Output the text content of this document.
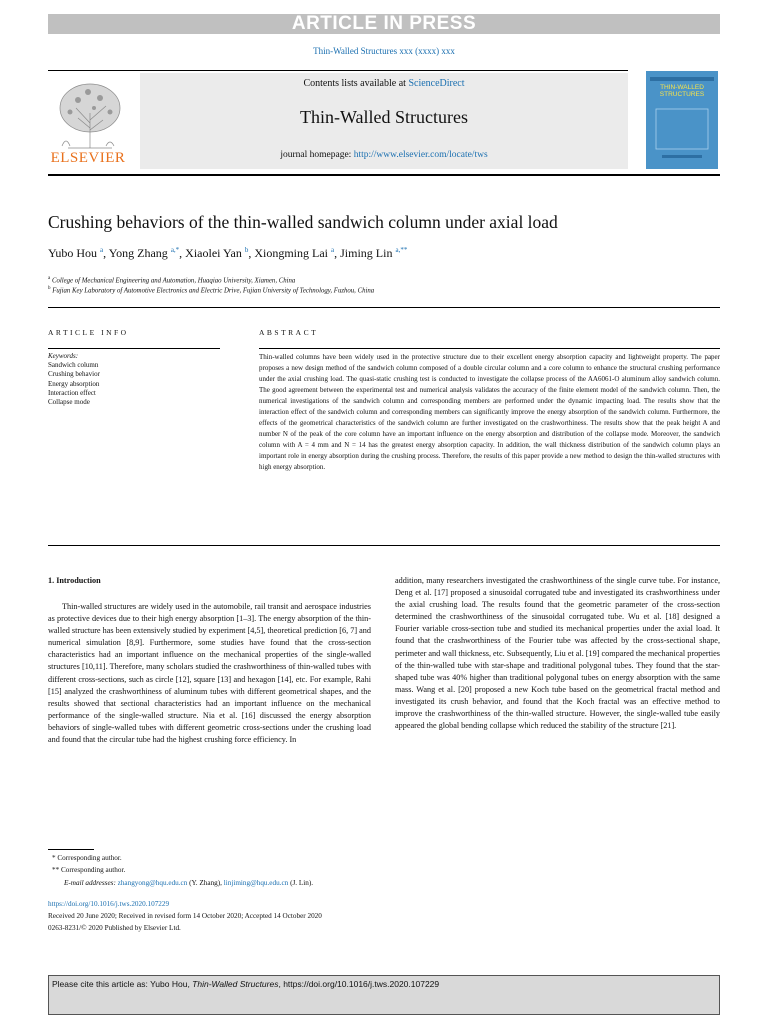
ARTICLE IN PRESS
Thin-Walled Structures xxx (xxxx) xxx
ELSEVIER
Contents lists available at ScienceDirect
Thin-Walled Structures
journal homepage: http://www.elsevier.com/locate/tws
THIN-WALLED STRUCTURES
Crushing behaviors of the thin-walled sandwich column under axial load
Yubo Hou $^a$, Yong Zhang $^{a,*}$, Xiaolei Yan $^b$, Xiongming Lai $^a$, Jiming Lin $^{a,**}$
$^a$ College of Mechanical Engineering and Automation, Huaqiao University, Xiamen, China
$^b$ Fujian Key Laboratory of Automotive Electronics and Electric Drive, Fujian University of Technology, Fuzhou, China
ARTICLE INFO	ABSTRACT
Keywords:
Sandwich column
Crushing behavior
Energy absorption
Interaction effect
Collapse mode
Thin-walled columns have been widely used in the protective structure due to their excellent energy absorption capacity and lightweight property. The paper proposes a new design method of the sandwich column composed of a double circular column and a core column to enhance the structural crushing performance under the axial crushing load. The quasi-static crushing test is conducted to investigate the collapse process of the AA6061-O aluminum alloy sandwich column. The good agreement between the experimental test and numerical analysis validates the accuracy of the finite element model of the sandwich column. Then, the numerical investigations of the sandwich column and corresponding members are performed under the dynamic impacting load. The results show that the interaction effect of the sandwich column and corresponding members can significantly improve the energy absorption of the sandwich column. Furthermore, the effects of the geometrical characteristics of the sandwich column are further investigated on the crashworthiness. The results show that the peak height A and number N of the peak of the core column have an important influence on the energy absorption and distribution of the collapse mode. Moreover, the sandwich column with A = 4 mm and N = 14 has the greatest energy absorption capacity. In addition, the wall thickness distribution of the sandwich column plays an important role in energy absorption during the crushing process. Therefore, the results of this paper provide a new method to design the thin-walled structures with high energy absorption.
1. Introduction
Thin-walled structures are widely used in the automobile, rail transit and aerospace industries as protective devices due to their high energy absorption [1–3]. The energy absorption of the thin-walled structure has been extensively studied by experiment [4,5], theoretical prediction [6, 7] and numerical simulation [8,9]. Furthermore, some studies have found that the cross-section characteristics had an important influence on the mechanical properties of the single-walled structures [10,11]. Therefore, many scholars studied the crashworthiness of thin-walled tubes with different cross-sections, such as circle [12], square [13] and hexagon [14], etc. For example, Rahi [15] analyzed the crashworthiness of aluminum tubes with different geometrical shapes, and the results showed that sectional characteristics had an important influence on the mechanical performance of the single-walled structure. Nia et al. [16] discussed the energy absorption behaviors of single-walled tubes with different geometric cross-sections under the crushing load and found that the circular tube had the highest crushing force efficiency. In
addition, many researchers investigated the crashworthiness of the single curve tube. For instance, Deng et al. [17] proposed a sinusoidal corrugated tube and investigated its crashworthiness under the axial crushing load. The results found that the geometric parameter of the cross-section determined the crashworthiness of the sinusoidal corrugated tube. Wu et al. [18] designed a Fourier variable cross-section tube and studied its mechanical properties under the axial load. It found that the crashworthiness of the Fourier tube was affected by the cross-sectional shape, perimeter and wall thickness, etc. Subsequently, Liu et al. [19] compared the mechanical properties of the thin-walled tube with star-shape and traditional polygonal tubes. They found that the star-shaped tube was 40% higher than traditional polygonal tubes on energy absorption with the same mass. Wang et al. [20] proposed a new Koch tube based on the geometrical fractal method and investigated its crush behavior, and found that the Koch fractal was an effective method to improve the crashworthiness of the thin-walled structure. However, the single-walled tube easily appeared the global bending collapse which reduced the stability of the structure [21].
* Corresponding author.
** Corresponding author.
E-mail addresses: zhangyong@hqu.edu.cn (Y. Zhang), linjiming@hqu.edu.cn (J. Lin).
https://doi.org/10.1016/j.tws.2020.107229
Received 20 June 2020; Received in revised form 14 October 2020; Accepted 14 October 2020
0263-8231/© 2020 Published by Elsevier Ltd.
Please cite this article as: Yubo Hou, Thin-Walled Structures, https://doi.org/10.1016/j.tws.2020.107229
